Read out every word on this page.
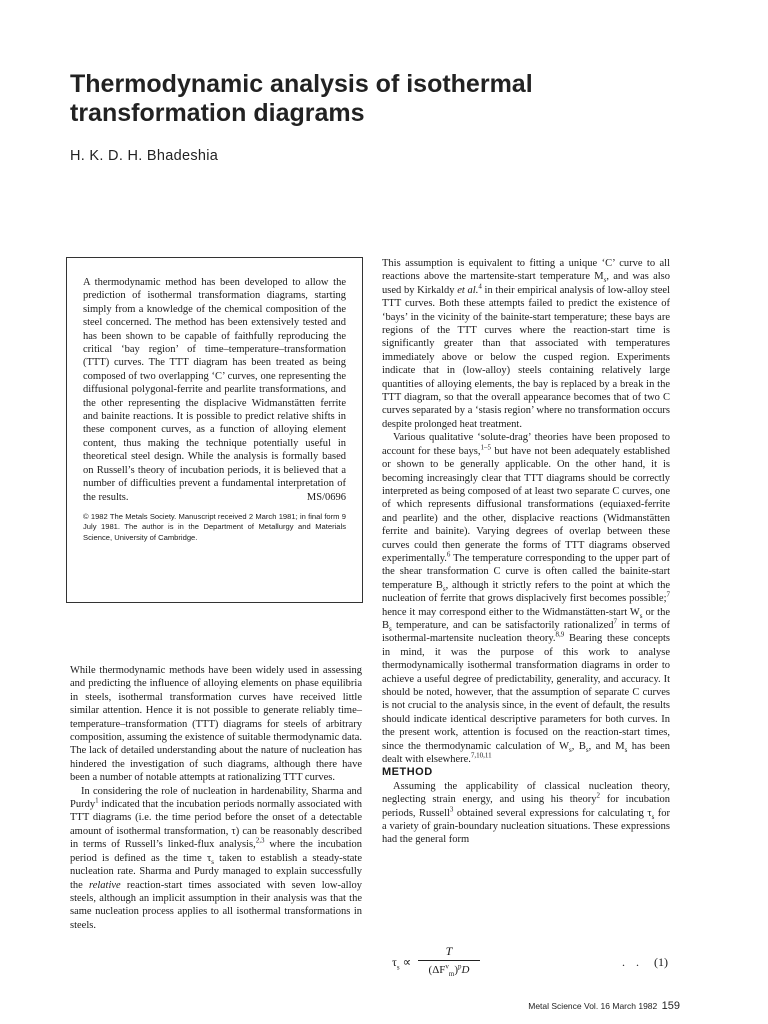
Thermodynamic analysis of isothermal transformation diagrams
H. K. D. H. Bhadeshia

A thermodynamic method has been developed to allow the prediction of isothermal transformation diagrams, starting simply from a knowledge of the chemical composition of the steel concerned. The method has been extensively tested and has been shown to be capable of faithfully reproducing the critical ‘bay region’ of time–temperature–transformation (TTT) curves. The TTT diagram has been treated as being composed of two overlapping ‘C’ curves, one representing the diffusional polygonal-ferrite and pearlite transformations, and the other representing the displacive Widmanstätten ferrite and bainite reactions. It is possible to predict relative shifts in these component curves, as a function of alloying element content, thus making the technique potentially useful in theoretical steel design. While the analysis is formally based on Russell’s theory of incubation periods, it is believed that a number of difficulties prevent a fundamental interpretation of the results.	MS/0696

© 1982 The Metals Society. Manuscript received 2 March 1981; in final form 9 July 1981. The author is in the Department of Metallurgy and Materials Science, University of Cambridge.

While thermodynamic methods have been widely used in assessing and predicting the influence of alloying elements on phase equilibria in steels, isothermal transformation curves have received little similar attention. Hence it is not possible to generate reliably time–temperature–transformation (TTT) diagrams for steels of arbitrary composition, assuming the existence of suitable thermodynamic data. The lack of detailed understanding about the nature of nucleation has hindered the investigation of such diagrams, although there have been a number of notable attempts at rationalizing TTT curves.

In considering the role of nucleation in hardenability, Sharma and Purdy$^1$ indicated that the incubation periods normally associated with TTT diagrams (i.e. the time period before the onset of a detectable amount of isothermal transformation, τ) can be reasonably described in terms of Russell’s linked-flux analysis,$^{2,3}$ where the incubation period is defined as the time $\tau_s$ taken to establish a steady-state nucleation rate. Sharma and Purdy managed to explain successfully the relative reaction-start times associated with seven low-alloy steels, although an implicit assumption in their analysis was that the same nucleation process applies to all isothermal transformations in steels.

This assumption is equivalent to fitting a unique ‘C’ curve to all reactions above the martensite-start temperature $M_s$, and was also used by Kirkaldy et al.$^4$ in their empirical analysis of low-alloy steel TTT curves. Both these attempts failed to predict the existence of ‘bays’ in the vicinity of the bainite-start temperature; these bays are regions of the TTT curves where the reaction-start time is significantly greater than that associated with temperatures immediately above or below the cusped region. Experiments indicate that in (low-alloy) steels containing relatively large quantities of alloying elements, the bay is replaced by a break in the TTT diagram, so that the overall appearance becomes that of two C curves separated by a ‘stasis region’ where no transformation occurs despite prolonged heat treatment.

Various qualitative ‘solute-drag’ theories have been proposed to account for these bays,$^{1-5}$ but have not been adequately established or shown to be generally applicable. On the other hand, it is becoming increasingly clear that TTT diagrams should be correctly interpreted as being composed of at least two separate C curves, one of which represents diffusional transformations (equiaxed-ferrite and pearlite) and the other, displacive reactions (Widmanstätten ferrite and bainite). Varying degrees of overlap between these curves could then generate the forms of TTT diagrams observed experimentally.$^6$ The temperature corresponding to the upper part of the shear transformation C curve is often called the bainite-start temperature $B_s$, although it strictly refers to the point at which the nucleation of ferrite that grows displacively first becomes possible;$^7$ hence it may correspond either to the Widmanstätten-start $W_s$ or the $B_s$ temperature, and can be satisfactorily rationalized$^7$ in terms of isothermal-martensite nucleation theory.$^{8,9}$ Bearing these concepts in mind, it was the purpose of this work to analyse thermodynamically isothermal transformation diagrams in order to achieve a useful degree of predictability, generality, and accuracy. It should be noted, however, that the assumption of separate C curves is not crucial to the analysis since, in the event of default, the results should indicate identical descriptive parameters for both curves. In the present work, attention is focused on the reaction-start times, since the thermodynamic calculation of $W_s$, $B_s$, and $M_s$ has been dealt with elsewhere.$^{7,10,11}$

METHOD

Assuming the applicability of classical nucleation theory, neglecting strain energy, and using his theory$^2$ for incubation periods, Russell$^3$ obtained several expressions for calculating $\tau_s$ for a variety of grain-boundary nucleation situations. These expressions had the general form

$\tau_s$ ∝
T
$(\Delta F^v_m)^pD$
. . (1)
Metal Science Vol. 16 March 1982 159
